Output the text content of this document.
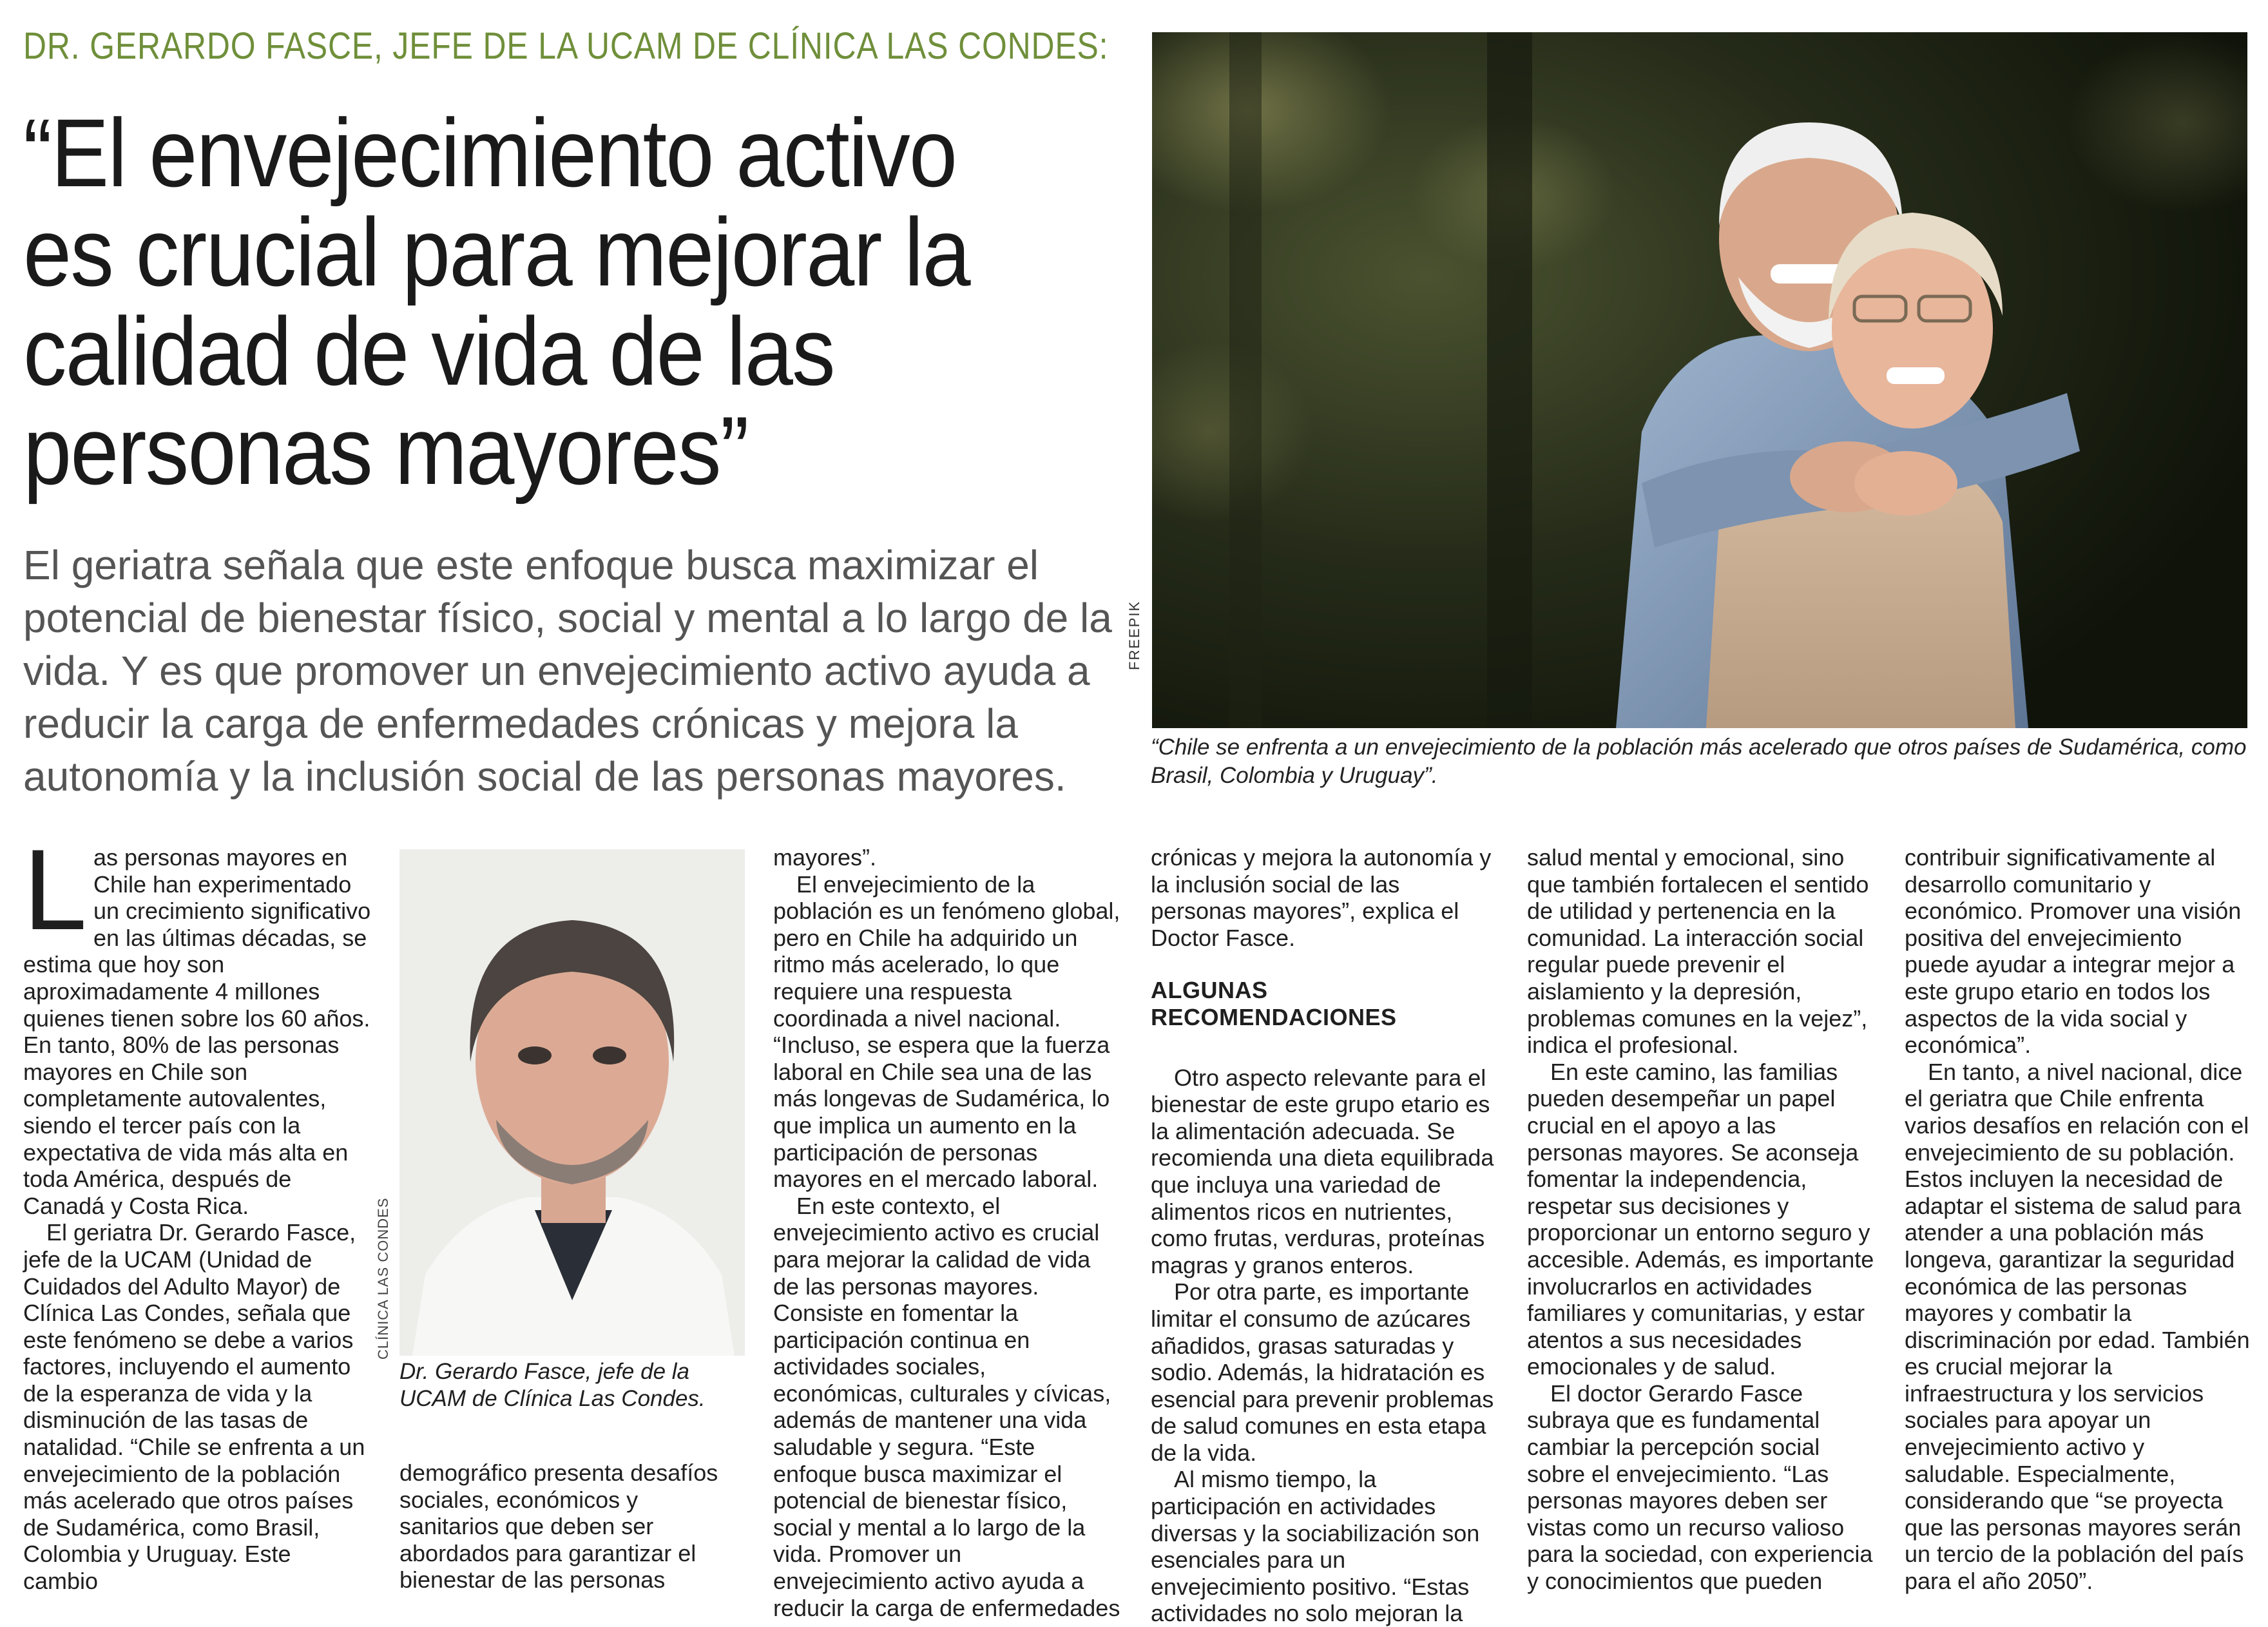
DR. GERARDO FASCE, JEFE DE LA UCAM DE CLÍNICA LAS CONDES:
“El envejecimiento activo es crucial para mejorar la calidad de vida de las personas mayores”

El geriatra señala que este enfoque busca maximizar el potencial de bienestar físico, social y mental a lo largo de la vida. Y es que promover un envejecimiento activo ayuda a reducir la carga de enfermedades crónicas y mejora la autonomía y la inclusión social de las personas mayores.

FREEPIK
“Chile se enfrenta a un envejecimiento de la población más acelerado que otros países de Sudamérica, como Brasil, Colombia y Uruguay”.

Las personas mayores en Chile han experimentado un crecimiento significativo en las últimas décadas, se estima que hoy son aproximadamente 4 millones quienes tienen sobre los 60 años. En tanto, 80% de las personas mayores en Chile son completamente autovalentes, siendo el tercer país con la expectativa de vida más alta en toda América, después de Canadá y Costa Rica.

El geriatra Dr. Gerardo Fasce, jefe de la UCAM (Unidad de Cuidados del Adulto Mayor) de Clínica Las Condes, señala que este fenómeno se debe a varios factores, incluyendo el aumento de la esperanza de vida y la disminución de las tasas de natalidad. “Chile se enfrenta a un envejecimiento de la población más acelerado que otros países de Sudamérica, como Brasil, Colombia y Uruguay. Este cambio

CLÍNICA LAS CONDES
Dr. Gerardo Fasce, jefe de la UCAM de Clínica Las Condes.

demográfico presenta desafíos sociales, económicos y sanitarios que deben ser abordados para garantizar el bienestar de las personas

mayores”.

El envejecimiento de la población es un fenómeno global, pero en Chile ha adquirido un ritmo más acelerado, lo que requiere una respuesta coordinada a nivel nacional. “Incluso, se espera que la fuerza laboral en Chile sea una de las más longevas de Sudamérica, lo que implica un aumento en la participación de personas mayores en el mercado laboral.

En este contexto, el envejecimiento activo es crucial para mejorar la calidad de vida de las personas mayores. Consiste en fomentar la participación continua en actividades sociales, económicas, culturales y cívicas, además de mantener una vida saludable y segura. “Este enfoque busca maximizar el potencial de bienestar físico, social y mental a lo largo de la vida. Promover un envejecimiento activo ayuda a reducir la carga de enfermedades

crónicas y mejora la autonomía y la inclusión social de las personas mayores”, explica el Doctor Fasce.

ALGUNAS RECOMENDACIONES

Otro aspecto relevante para el bienestar de este grupo etario es la alimentación adecuada. Se recomienda una dieta equilibrada que incluya una variedad de alimentos ricos en nutrientes, como frutas, verduras, proteínas magras y granos enteros.

Por otra parte, es importante limitar el consumo de azúcares añadidos, grasas saturadas y sodio. Además, la hidratación es esencial para prevenir problemas de salud comunes en esta etapa de la vida.

Al mismo tiempo, la participación en actividades diversas y la sociabilización son esenciales para un envejecimiento positivo. “Estas actividades no solo mejoran la

salud mental y emocional, sino que también fortalecen el sentido de utilidad y pertenencia en la comunidad. La interacción social regular puede prevenir el aislamiento y la depresión, problemas comunes en la vejez”, indica el profesional.

En este camino, las familias pueden desempeñar un papel crucial en el apoyo a las personas mayores. Se aconseja fomentar la independencia, respetar sus decisiones y proporcionar un entorno seguro y accesible. Además, es importante involucrarlos en actividades familiares y comunitarias, y estar atentos a sus necesidades emocionales y de salud.

El doctor Gerardo Fasce subraya que es fundamental cambiar la percepción social sobre el envejecimiento. “Las personas mayores deben ser vistas como un recurso valioso para la sociedad, con experiencia y conocimientos que pueden

contribuir significativamente al desarrollo comunitario y económico. Promover una visión positiva del envejecimiento puede ayudar a integrar mejor a este grupo etario en todos los aspectos de la vida social y económica”.

En tanto, a nivel nacional, dice el geriatra que Chile enfrenta varios desafíos en relación con el envejecimiento de su población. Estos incluyen la necesidad de adaptar el sistema de salud para atender a una población más longeva, garantizar la seguridad económica de las personas mayores y combatir la discriminación por edad. También es crucial mejorar la infraestructura y los servicios sociales para apoyar un envejecimiento activo y saludable. Especialmente, considerando que “se proyecta que las personas mayores serán un tercio de la población del país para el año 2050”.
